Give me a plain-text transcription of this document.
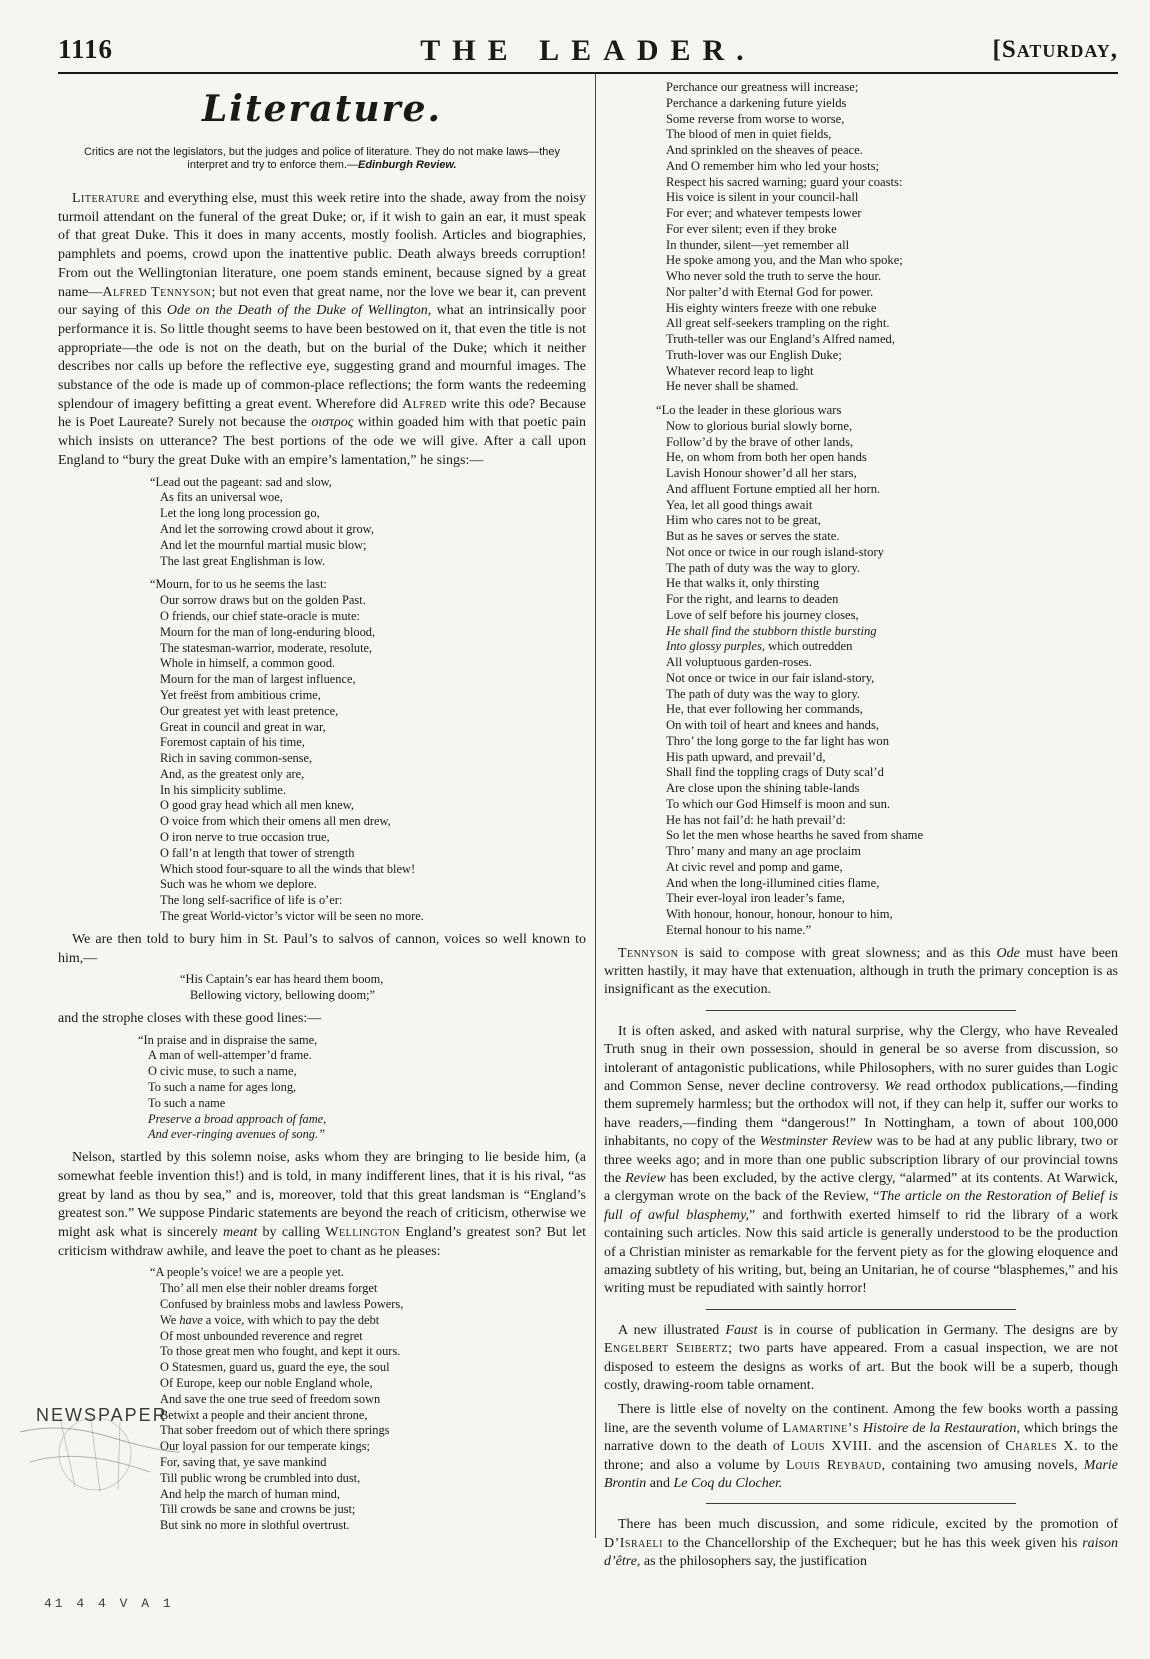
1116	THE LEADER.	[Saturday,
Literature.
Critics are not the legislators, but the judges and police of literature. They do not make laws—they interpret and try to enforce them.—Edinburgh Review.

Literature and everything else, must this week retire into the shade, away from the noisy turmoil attendant on the funeral of the great Duke; or, if it wish to gain an ear, it must speak of that great Duke. This it does in many accents, mostly foolish. Articles and biographies, pamphlets and poems, crowd upon the inattentive public. Death always breeds corruption! From out the Wellingtonian literature, one poem stands eminent, because signed by a great name—Alfred Tennyson; but not even that great name, nor the love we bear it, can prevent our saying of this Ode on the Death of the Duke of Wellington, what an intrinsically poor performance it is. So little thought seems to have been bestowed on it, that even the title is not appropriate—the ode is not on the death, but on the burial of the Duke; which it neither describes nor calls up before the reflective eye, suggesting grand and mournful images. The substance of the ode is made up of common-place reflections; the form wants the redeeming splendour of imagery befitting a great event. Wherefore did Alfred write this ode? Because he is Poet Laureate? Surely not because the οιστρος within goaded him with that poetic pain which insists on utterance? The best portions of the ode we will give. After a call upon England to “bury the great Duke with an empire’s lamentation,” he sings:—

“Lead out the pageant: sad and slow,
As fits an universal woe,
Let the long long procession go,
And let the sorrowing crowd about it grow,
And let the mournful martial music blow;
The last great Englishman is low.
“Mourn, for to us he seems the last:
Our sorrow draws but on the golden Past.
O friends, our chief state-oracle is mute:
Mourn for the man of long-enduring blood,
The statesman-warrior, moderate, resolute,
Whole in himself, a common good.
Mourn for the man of largest influence,
Yet freëst from ambitious crime,
Our greatest yet with least pretence,
Great in council and great in war,
Foremost captain of his time,
Rich in saving common-sense,
And, as the greatest only are,
In his simplicity sublime.
O good gray head which all men knew,
O voice from which their omens all men drew,
O iron nerve to true occasion true,
O fall’n at length that tower of strength
Which stood four-square to all the winds that blew!
Such was he whom we deplore.
The long self-sacrifice of life is o’er:
The great World-victor’s victor will be seen no more.

We are then told to bury him in St. Paul’s to salvos of cannon, voices so well known to him,—

“His Captain’s ear has heard them boom,
Bellowing victory, bellowing doom;”

and the strophe closes with these good lines:—

“In praise and in dispraise the same,
A man of well-attemper’d frame.
O civic muse, to such a name,
To such a name for ages long,
To such a name
Preserve a broad approach of fame,
And ever-ringing avenues of song.”

Nelson, startled by this solemn noise, asks whom they are bringing to lie beside him, (a somewhat feeble invention this!) and is told, in many indifferent lines, that it is his rival, “as great by land as thou by sea,” and is, moreover, told that this great landsman is “England’s greatest son.” We suppose Pindaric statements are beyond the reach of criticism, otherwise we might ask what is sincerely meant by calling Wellington England’s greatest son? But let criticism withdraw awhile, and leave the poet to chant as he pleases:

“A people’s voice! we are a people yet.
Tho’ all men else their nobler dreams forget
Confused by brainless mobs and lawless Powers,
We have a voice, with which to pay the debt
Of most unbounded reverence and regret
To those great men who fought, and kept it ours.
O Statesmen, guard us, guard the eye, the soul
Of Europe, keep our noble England whole,
And save the one true seed of freedom sown
Betwixt a people and their ancient throne,
That sober freedom out of which there springs
Our loyal passion for our temperate kings;
For, saving that, ye save mankind
Till public wrong be crumbled into dust,
And help the march of human mind,
Till crowds be sane and crowns be just;
But sink no more in slothful overtrust.
Perchance our greatness will increase;
Perchance a darkening future yields
Some reverse from worse to worse,
The blood of men in quiet fields,
And sprinkled on the sheaves of peace.
And O remember him who led your hosts;
Respect his sacred warning; guard your coasts:
His voice is silent in your council-hall
For ever; and whatever tempests lower
For ever silent; even if they broke
In thunder, silent—yet remember all
He spoke among you, and the Man who spoke;
Who never sold the truth to serve the hour.
Nor palter’d with Eternal God for power.
His eighty winters freeze with one rebuke
All great self-seekers trampling on the right.
Truth-teller was our England’s Alfred named,
Truth-lover was our English Duke;
Whatever record leap to light
He never shall be shamed.
“Lo the leader in these glorious wars
Now to glorious burial slowly borne,
Follow’d by the brave of other lands,
He, on whom from both her open hands
Lavish Honour shower’d all her stars,
And affluent Fortune emptied all her horn.
Yea, let all good things await
Him who cares not to be great,
But as he saves or serves the state.
Not once or twice in our rough island-story
The path of duty was the way to glory.
He that walks it, only thirsting
For the right, and learns to deaden
Love of self before his journey closes,
He shall find the stubborn thistle bursting
Into glossy purples, which outredden
All voluptuous garden-roses.
Not once or twice in our fair island-story,
The path of duty was the way to glory.
He, that ever following her commands,
On with toil of heart and knees and hands,
Thro’ the long gorge to the far light has won
His path upward, and prevail’d,
Shall find the toppling crags of Duty scal’d
Are close upon the shining table-lands
To which our God Himself is moon and sun.
He has not fail’d: he hath prevail’d:
So let the men whose hearths he saved from shame
Thro’ many and many an age proclaim
At civic revel and pomp and game,
And when the long-illumined cities flame,
Their ever-loyal iron leader’s fame,
With honour, honour, honour, honour to him,
Eternal honour to his name.”

Tennyson is said to compose with great slowness; and as this Ode must have been written hastily, it may have that extenuation, although in truth the primary conception is as insignificant as the execution.

It is often asked, and asked with natural surprise, why the Clergy, who have Revealed Truth snug in their own possession, should in general be so averse from discussion, so intolerant of antagonistic publications, while Philosophers, with no surer guides than Logic and Common Sense, never decline controversy. We read orthodox publications,—finding them supremely harmless; but the orthodox will not, if they can help it, suffer our works to have readers,—finding them “dangerous!” In Nottingham, a town of about 100,000 inhabitants, no copy of the Westminster Review was to be had at any public library, two or three weeks ago; and in more than one public subscription library of our provincial towns the Review has been excluded, by the active clergy, “alarmed” at its contents. At Warwick, a clergyman wrote on the back of the Review, “The article on the Restoration of Belief is full of awful blasphemy,” and forthwith exerted himself to rid the library of a work containing such articles. Now this said article is generally understood to be the production of a Christian minister as remarkable for the fervent piety as for the glowing eloquence and amazing subtlety of his writing, but, being an Unitarian, he of course “blasphemes,” and his writing must be repudiated with saintly horror!

A new illustrated Faust is in course of publication in Germany. The designs are by Engelbert Seibertz; two parts have appeared. From a casual inspection, we are not disposed to esteem the designs as works of art. But the book will be a superb, though costly, drawing-room table ornament.

There is little else of novelty on the continent. Among the few books worth a passing line, are the seventh volume of Lamartine’s Histoire de la Restauration, which brings the narrative down to the death of Louis XVIII. and the ascension of Charles X. to the throne; and also a volume by Louis Reybaud, containing two amusing novels, Marie Brontin and Le Coq du Clocher.

There has been much discussion, and some ridicule, excited by the promotion of D’Israeli to the Chancellorship of the Exchequer; but he has this week given his raison d’être, as the philosophers say, the justification

NEWSPAPER
41 4 4 V A 1
